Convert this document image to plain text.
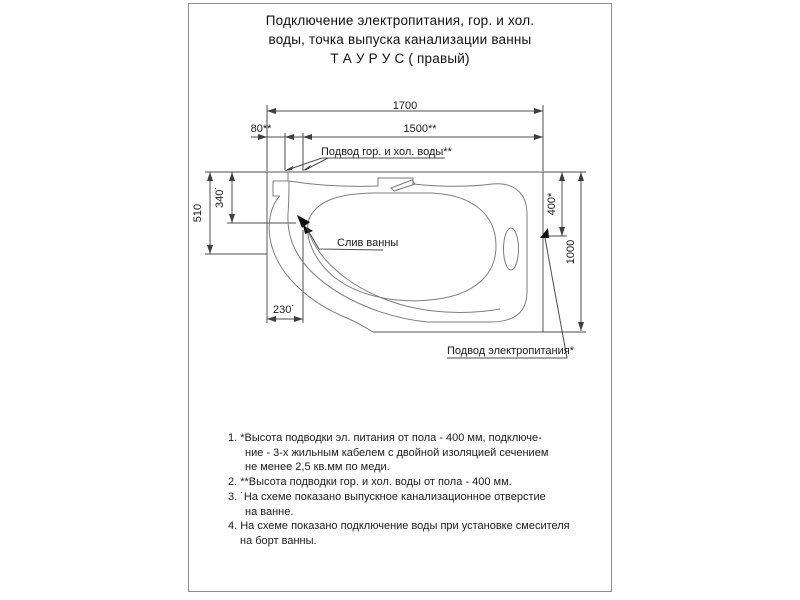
Подключение электропитания, гор. и хол.
воды, точка выпуска канализации ванны
Т А У Р У С ( правый)
1700
80**	1500**
510
340˙
230˙
400*
1000
Подвод гор. и хол. воды**
Слив ванны
Подвод электропитания*
1. *Высота подводки эл. питания от пола - 400 мм, подключе-
ние - 3-х жильным кабелем с двойной изоляцией сечением
не менее 2,5 кв.мм по меди.
2. **Высота подводки гор. и хол. воды от пола - 400 мм.
3. ˙На схеме показано выпускное канализационное отверстие
на ванне.
4. На схеме показано подключение воды при установке смесителя
на борт ванны.
